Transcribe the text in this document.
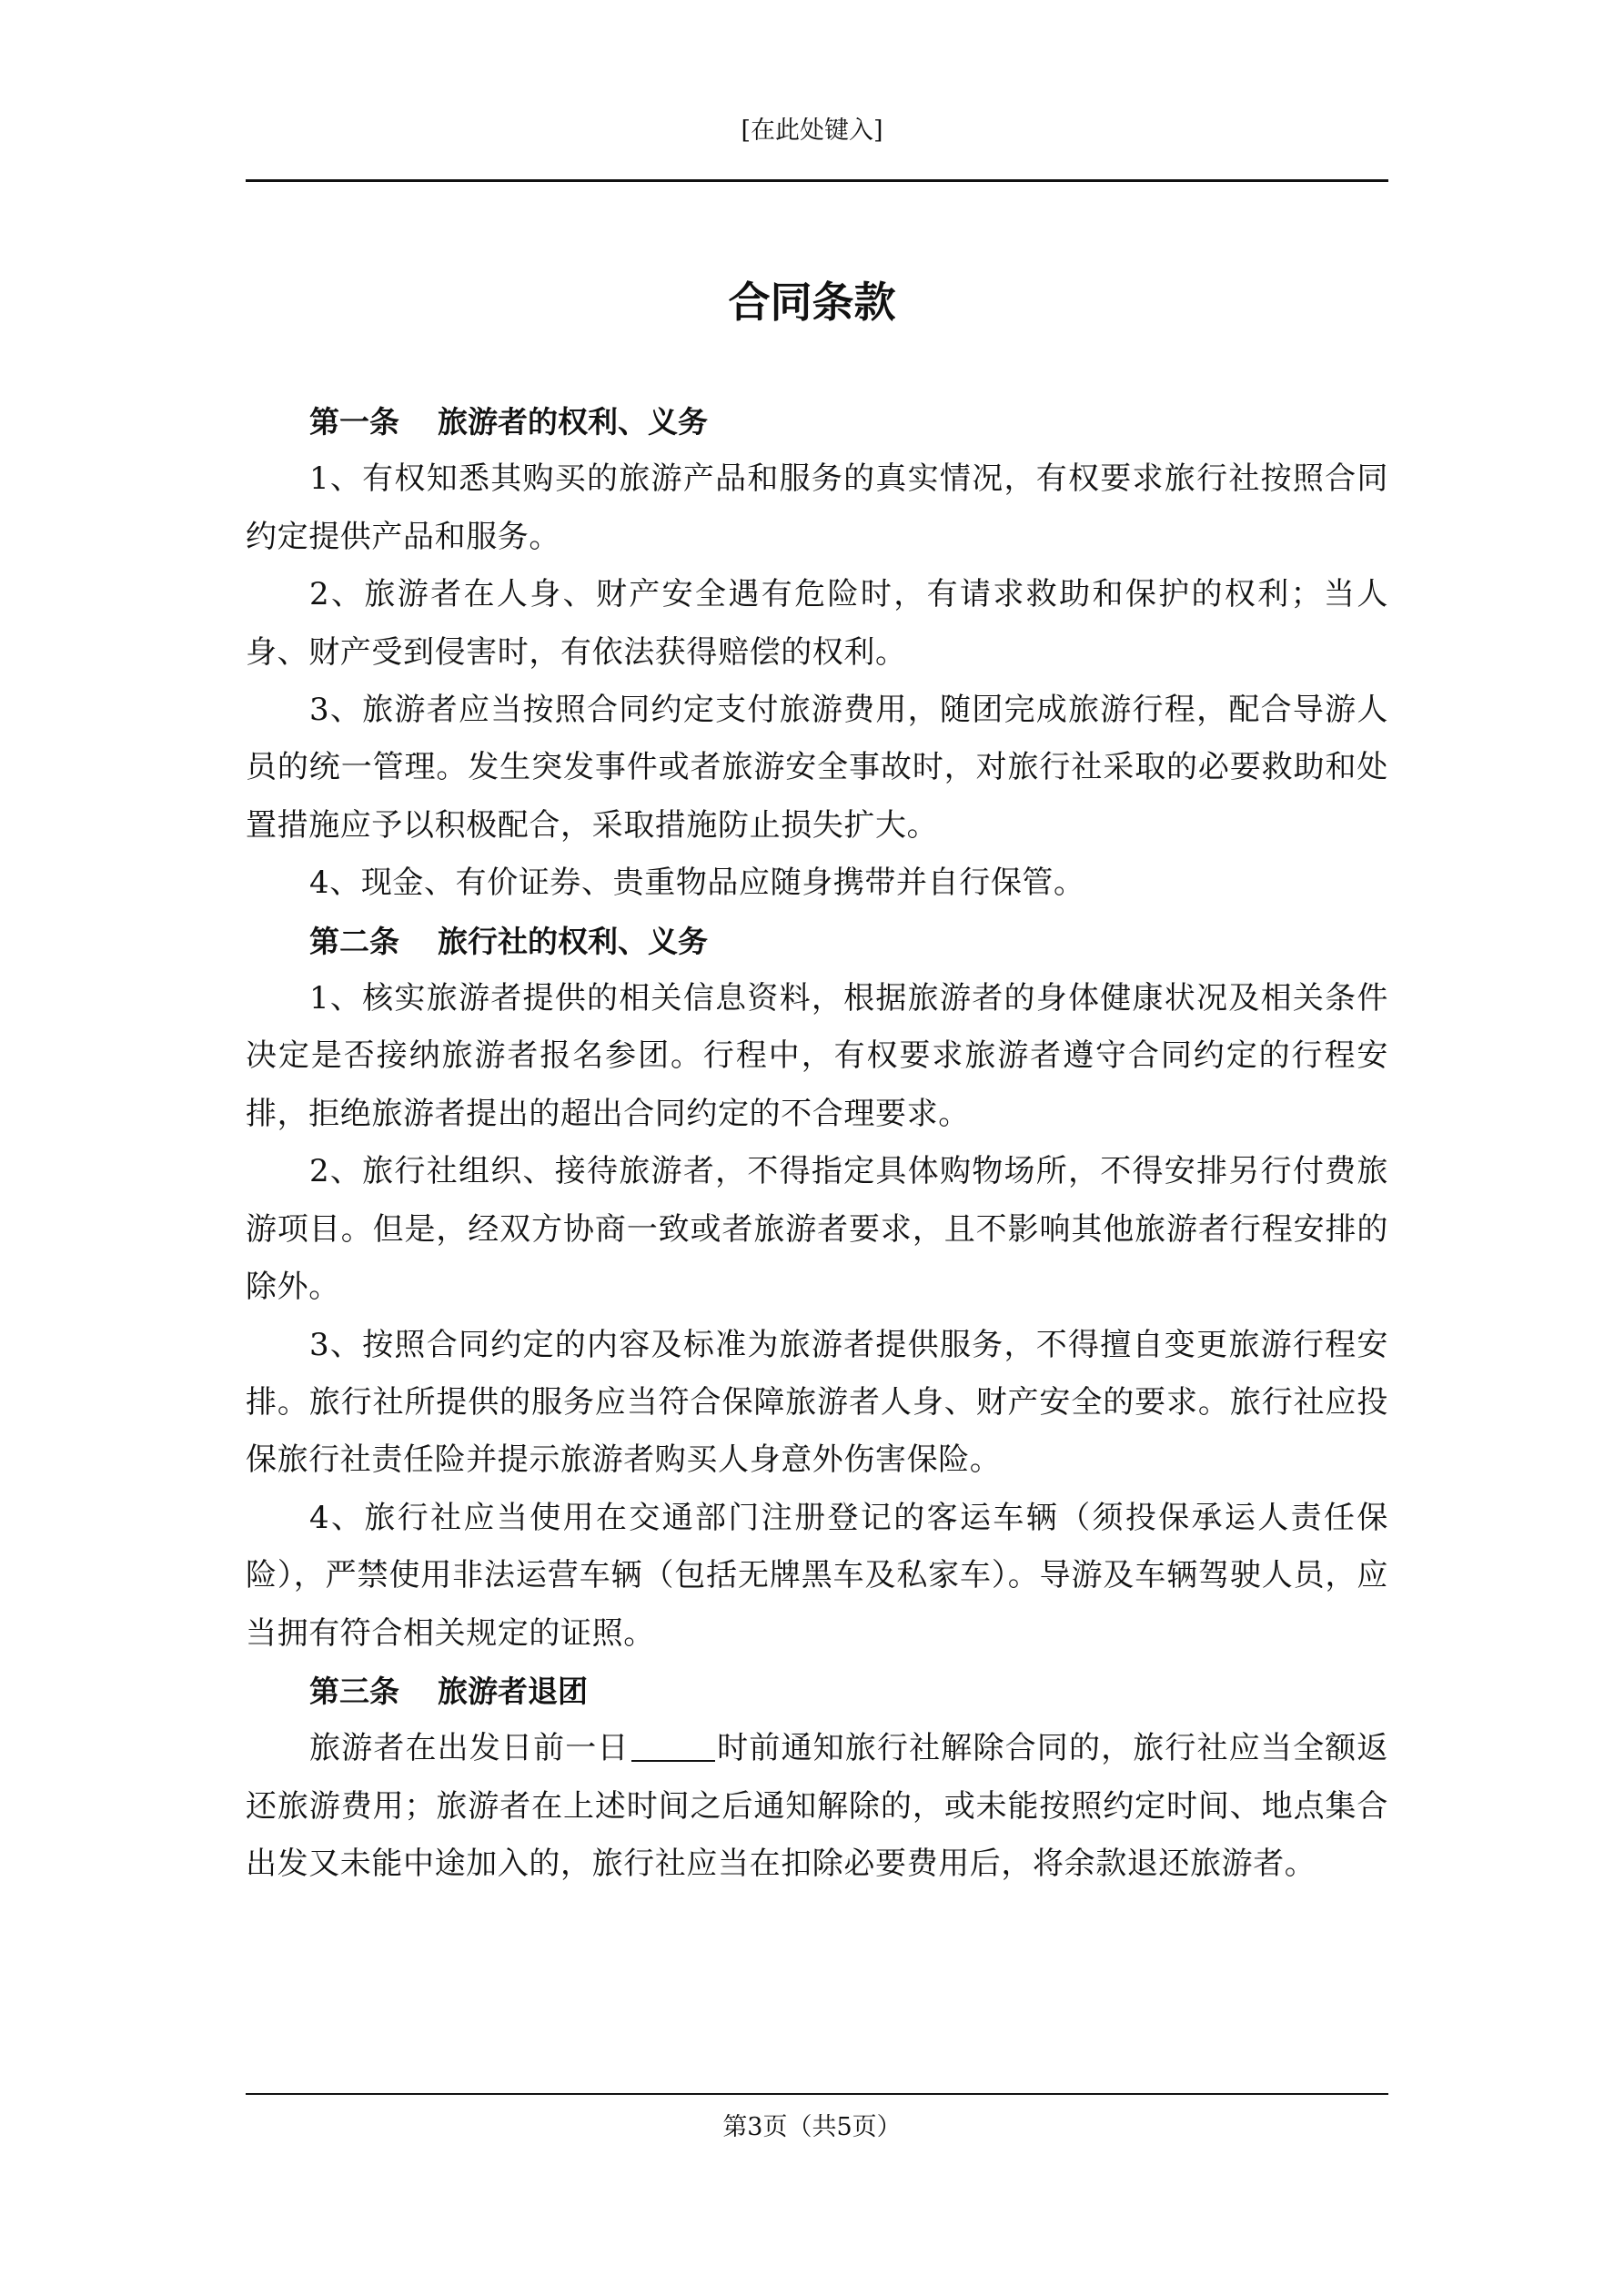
[在此处键入]
合同条款

第一条 旅游者的权利、义务

1、有权知悉其购买的旅游产品和服务的真实情况，有权要求旅行社按照合同约定提供产品和服务。

2、旅游者在人身、财产安全遇有危险时，有请求救助和保护的权利；当人身、财产受到侵害时，有依法获得赔偿的权利。

3、旅游者应当按照合同约定支付旅游费用，随团完成旅游行程，配合导游人员的统一管理。发生突发事件或者旅游安全事故时，对旅行社采取的必要救助和处置措施应予以积极配合，采取措施防止损失扩大。

4、现金、有价证券、贵重物品应随身携带并自行保管。

第二条 旅行社的权利、义务

1、核实旅游者提供的相关信息资料，根据旅游者的身体健康状况及相关条件决定是否接纳旅游者报名参团。行程中，有权要求旅游者遵守合同约定的行程安排，拒绝旅游者提出的超出合同约定的不合理要求。

2、旅行社组织、接待旅游者，不得指定具体购物场所，不得安排另行付费旅游项目。但是，经双方协商一致或者旅游者要求，且不影响其他旅游者行程安排的除外。

3、按照合同约定的内容及标准为旅游者提供服务，不得擅自变更旅游行程安排。旅行社所提供的服务应当符合保障旅游者人身、财产安全的要求。旅行社应投保旅行社责任险并提示旅游者购买人身意外伤害保险。

4、旅行社应当使用在交通部门注册登记的客运车辆（须投保承运人责任保险），严禁使用非法运营车辆（包括无牌黑车及私家车）。导游及车辆驾驶人员，应当拥有符合相关规定的证照。

第三条 旅游者退团

旅游者在出发日前一日	时前通知旅行社解除合同的，旅行社应当全额返还旅游费用；旅游者在上述时间之后通知解除的，或未能按照约定时间、地点集合出发又未能中途加入的，旅行社应当在扣除必要费用后，将余款退还旅游者。

第3页（共5页）
